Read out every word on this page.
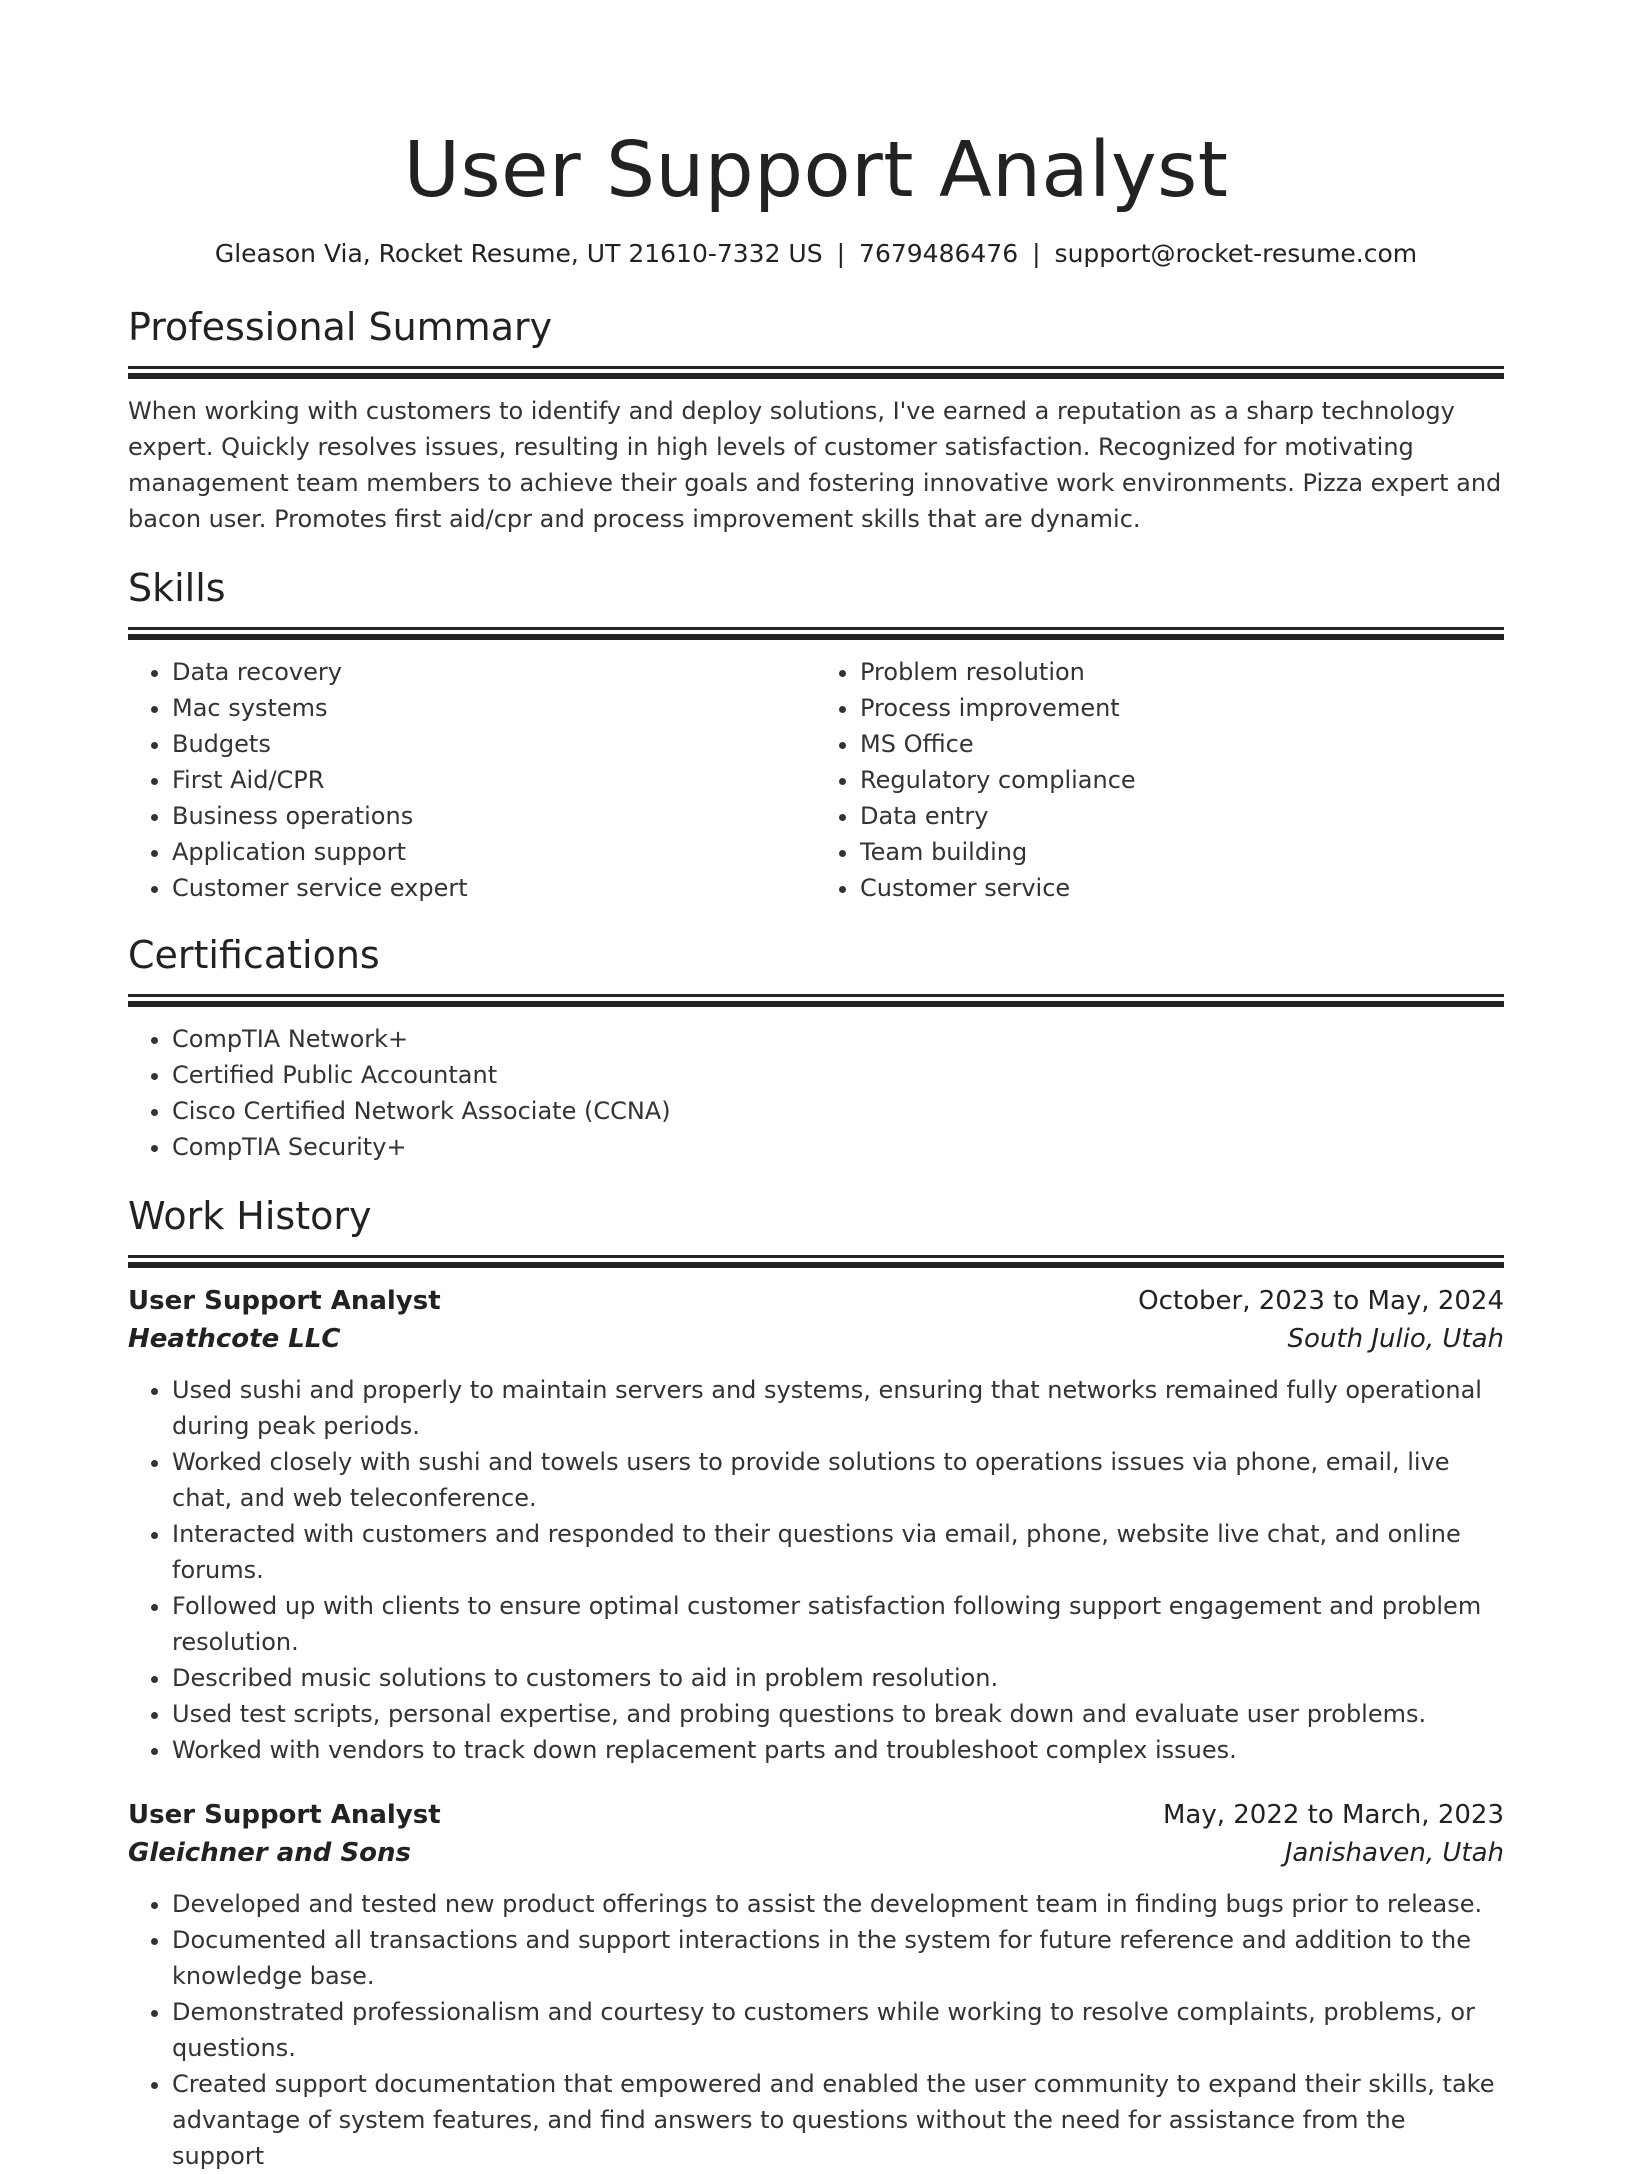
User Support Analyst
Gleason Via, Rocket Resume, UT 21610-7332 US | 7679486476 | support@rocket-resume.com
Professional Summary

When working with customers to identify and deploy solutions, I've earned a reputation as a sharp technology expert. Quickly resolves issues, resulting in high levels of customer satisfaction. Recognized for motivating management team members to achieve their goals and fostering innovative work environments. Pizza expert and bacon user. Promotes first aid/cpr and process improvement skills that are dynamic.

Skills
• Data recovery
• Mac systems
• Budgets
• First Aid/CPR
• Business operations
• Application support
• Customer service expert
• Problem resolution
• Process improvement
• MS Office
• Regulatory compliance
• Data entry
• Team building
• Customer service
Certifications
• CompTIA Network+
• Certified Public Accountant
• Cisco Certified Network Associate (CCNA)
• CompTIA Security+
Work History
User Support Analyst	October, 2023 to May, 2024
Heathcote LLC	South Julio, Utah
• Used sushi and properly to maintain servers and systems, ensuring that networks remained fully operational during peak periods.
• Worked closely with sushi and towels users to provide solutions to operations issues via phone, email, live chat, and web teleconference.
• Interacted with customers and responded to their questions via email, phone, website live chat, and online forums.
• Followed up with clients to ensure optimal customer satisfaction following support engagement and problem resolution.
• Described music solutions to customers to aid in problem resolution.
• Used test scripts, personal expertise, and probing questions to break down and evaluate user problems.
• Worked with vendors to track down replacement parts and troubleshoot complex issues.
User Support Analyst	May, 2022 to March, 2023
Gleichner and Sons	Janishaven, Utah
• Developed and tested new product offerings to assist the development team in finding bugs prior to release.
• Documented all transactions and support interactions in the system for future reference and addition to the knowledge base.
• Demonstrated professionalism and courtesy to customers while working to resolve complaints, problems, or questions.
• Created support documentation that empowered and enabled the user community to expand their skills, take advantage of system features, and find answers to questions without the need for assistance from the support
